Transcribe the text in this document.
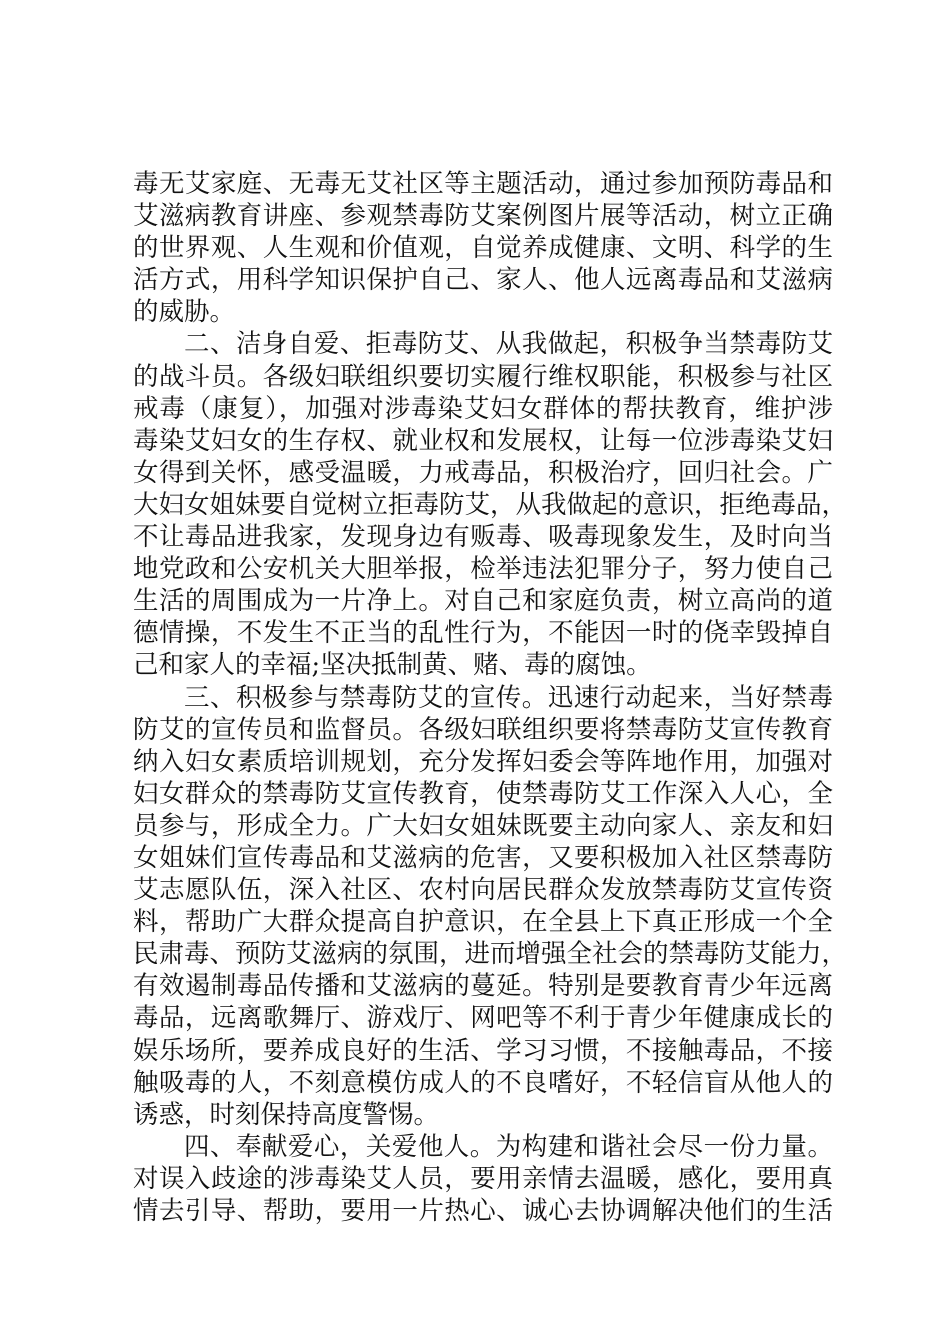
毒无艾家庭、无毒无艾社区等主题活动，通过参加预防毒品和
艾滋病教育讲座、参观禁毒防艾案例图片展等活动，树立正确
的世界观、人生观和价值观，自觉养成健康、文明、科学的生
活方式，用科学知识保护自己、家人、他人远离毒品和艾滋病
的威胁。
二、洁身自爱、拒毒防艾、从我做起，积极争当禁毒防艾
的战斗员。各级妇联组织要切实履行维权职能，积极参与社区
戒毒（康复），加强对涉毒染艾妇女群体的帮扶教育，维护涉
毒染艾妇女的生存权、就业权和发展权，让每一位涉毒染艾妇
女得到关怀，感受温暖，力戒毒品，积极治疗，回归社会。广
大妇女姐妹要自觉树立拒毒防艾，从我做起的意识，拒绝毒品，
不让毒品进我家，发现身边有贩毒、吸毒现象发生，及时向当
地党政和公安机关大胆举报，检举违法犯罪分子，努力使自己
生活的周围成为一片净上。对自己和家庭负责，树立高尚的道
德情操，不发生不正当的乱性行为，不能因一时的侥幸毁掉自
己和家人的幸福;坚决抵制黄、赌、毒的腐蚀。
三、积极参与禁毒防艾的宣传。迅速行动起来，当好禁毒
防艾的宣传员和监督员。各级妇联组织要将禁毒防艾宣传教育
纳入妇女素质培训规划，充分发挥妇委会等阵地作用，加强对
妇女群众的禁毒防艾宣传教育，使禁毒防艾工作深入人心，全
员参与，形成全力。广大妇女姐妹既要主动向家人、亲友和妇
女姐妹们宣传毒品和艾滋病的危害，又要积极加入社区禁毒防
艾志愿队伍，深入社区、农村向居民群众发放禁毒防艾宣传资
料，帮助广大群众提高自护意识，在全县上下真正形成一个全
民肃毒、预防艾滋病的氛围，进而增强全社会的禁毒防艾能力，
有效遏制毒品传播和艾滋病的蔓延。特别是要教育青少年远离
毒品，远离歌舞厅、游戏厅、网吧等不利于青少年健康成长的
娱乐场所，要养成良好的生活、学习习惯，不接触毒品，不接
触吸毒的人，不刻意模仿成人的不良嗜好，不轻信盲从他人的
诱惑，时刻保持高度警惕。
四、奉献爱心，关爱他人。为构建和谐社会尽一份力量。
对误入歧途的涉毒染艾人员，要用亲情去温暖，感化，要用真
情去引导、帮助，要用一片热心、诚心去协调解决他们的生活
